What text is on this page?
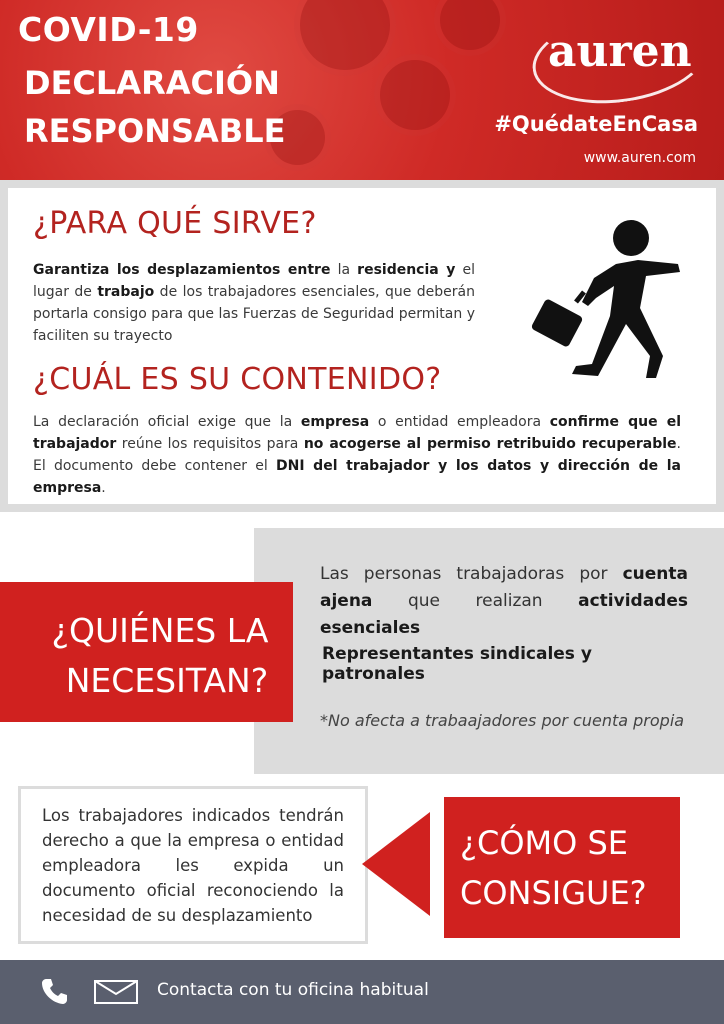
COVID-19
DECLARACIÓN
RESPONSABLE
auren
#QuédateEnCasa
www.auren.com
¿PARA QUÉ SIRVE?
Garantiza los desplazamientos entre la residencia y el lugar de trabajo de los trabajadores esenciales, que deberán portarla consigo para que las Fuerzas de Seguridad permitan y faciliten su trayecto
¿CUÁL ES SU CONTENIDO?
La declaración oficial exige que la empresa o entidad empleadora confirme que el trabajador reúne los requisitos para no acogerse al permiso retribuido recuperable. El documento debe contener el DNI del trabajador y los datos y dirección de la empresa.
¿QUIÉNES LA
NECESITAN?
Las personas trabajadoras por cuenta ajena que realizan actividades esenciales
Representantes sindicales y patronales
*No afecta a trabaajadores por cuenta propia
Los trabajadores indicados tendrán derecho a que la empresa o entidad empleadora les expida un documento oficial reconociendo la necesidad de su desplazamiento
¿CÓMO SE
CONSIGUE?
Contacta con tu oficina habitual
